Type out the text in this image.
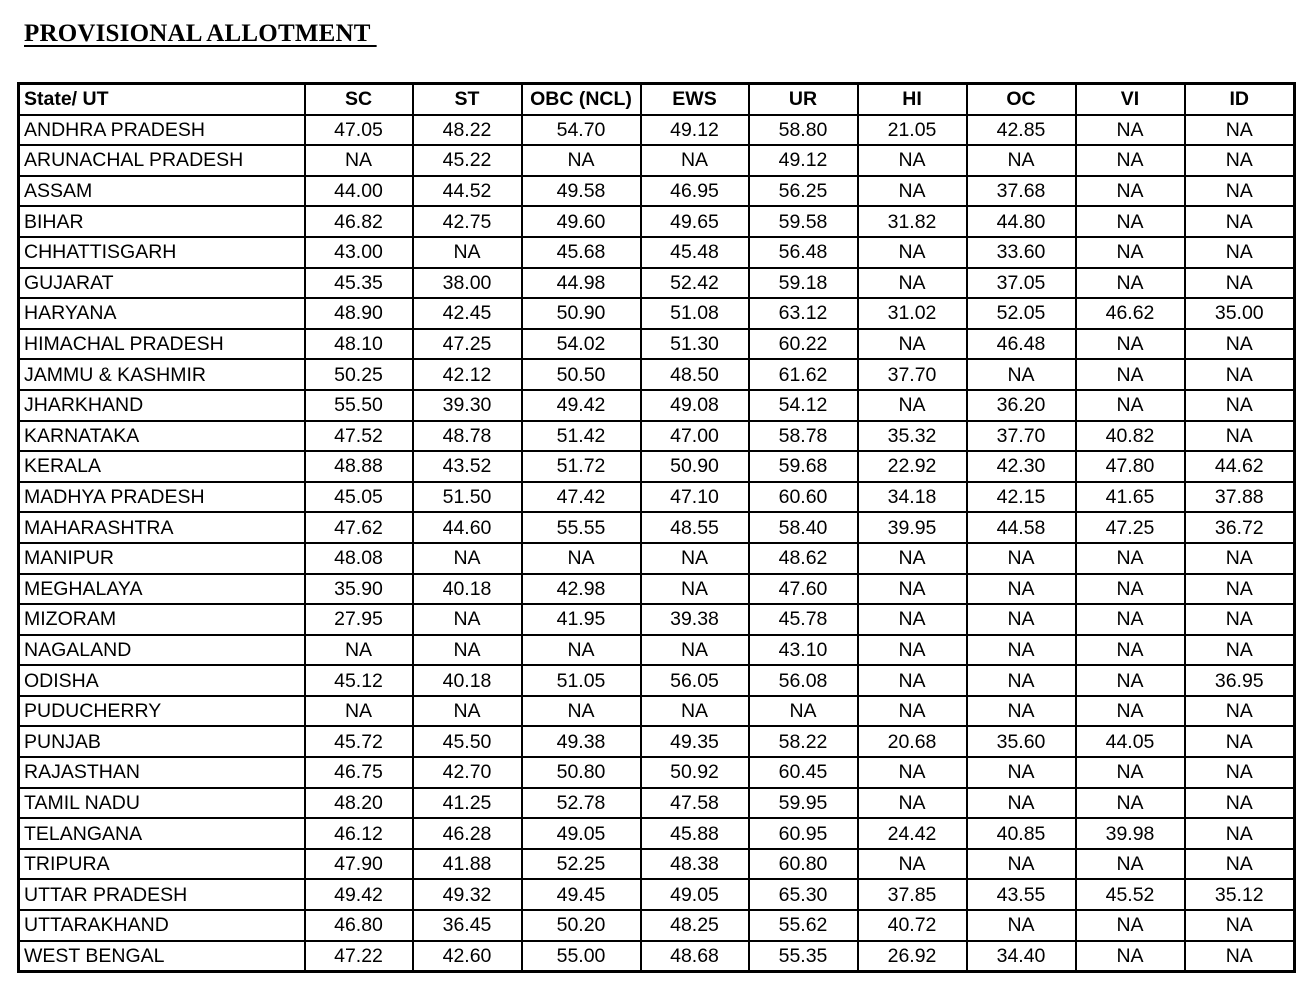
PROVISIONAL ALLOTMENT
State/ UT	SC	ST	OBC (NCL)	EWS	UR	HI	OC	VI	ID
ANDHRA PRADESH	47.05	48.22	54.70	49.12	58.80	21.05	42.85	NA	NA
ARUNACHAL PRADESH	NA	45.22	NA	NA	49.12	NA	NA	NA	NA
ASSAM	44.00	44.52	49.58	46.95	56.25	NA	37.68	NA	NA
BIHAR	46.82	42.75	49.60	49.65	59.58	31.82	44.80	NA	NA
CHHATTISGARH	43.00	NA	45.68	45.48	56.48	NA	33.60	NA	NA
GUJARAT	45.35	38.00	44.98	52.42	59.18	NA	37.05	NA	NA
HARYANA	48.90	42.45	50.90	51.08	63.12	31.02	52.05	46.62	35.00
HIMACHAL PRADESH	48.10	47.25	54.02	51.30	60.22	NA	46.48	NA	NA
JAMMU & KASHMIR	50.25	42.12	50.50	48.50	61.62	37.70	NA	NA	NA
JHARKHAND	55.50	39.30	49.42	49.08	54.12	NA	36.20	NA	NA
KARNATAKA	47.52	48.78	51.42	47.00	58.78	35.32	37.70	40.82	NA
KERALA	48.88	43.52	51.72	50.90	59.68	22.92	42.30	47.80	44.62
MADHYA PRADESH	45.05	51.50	47.42	47.10	60.60	34.18	42.15	41.65	37.88
MAHARASHTRA	47.62	44.60	55.55	48.55	58.40	39.95	44.58	47.25	36.72
MANIPUR	48.08	NA	NA	NA	48.62	NA	NA	NA	NA
MEGHALAYA	35.90	40.18	42.98	NA	47.60	NA	NA	NA	NA
MIZORAM	27.95	NA	41.95	39.38	45.78	NA	NA	NA	NA
NAGALAND	NA	NA	NA	NA	43.10	NA	NA	NA	NA
ODISHA	45.12	40.18	51.05	56.05	56.08	NA	NA	NA	36.95
PUDUCHERRY	NA	NA	NA	NA	NA	NA	NA	NA	NA
PUNJAB	45.72	45.50	49.38	49.35	58.22	20.68	35.60	44.05	NA
RAJASTHAN	46.75	42.70	50.80	50.92	60.45	NA	NA	NA	NA
TAMIL NADU	48.20	41.25	52.78	47.58	59.95	NA	NA	NA	NA
TELANGANA	46.12	46.28	49.05	45.88	60.95	24.42	40.85	39.98	NA
TRIPURA	47.90	41.88	52.25	48.38	60.80	NA	NA	NA	NA
UTTAR PRADESH	49.42	49.32	49.45	49.05	65.30	37.85	43.55	45.52	35.12
UTTARAKHAND	46.80	36.45	50.20	48.25	55.62	40.72	NA	NA	NA
WEST BENGAL	47.22	42.60	55.00	48.68	55.35	26.92	34.40	NA	NA
